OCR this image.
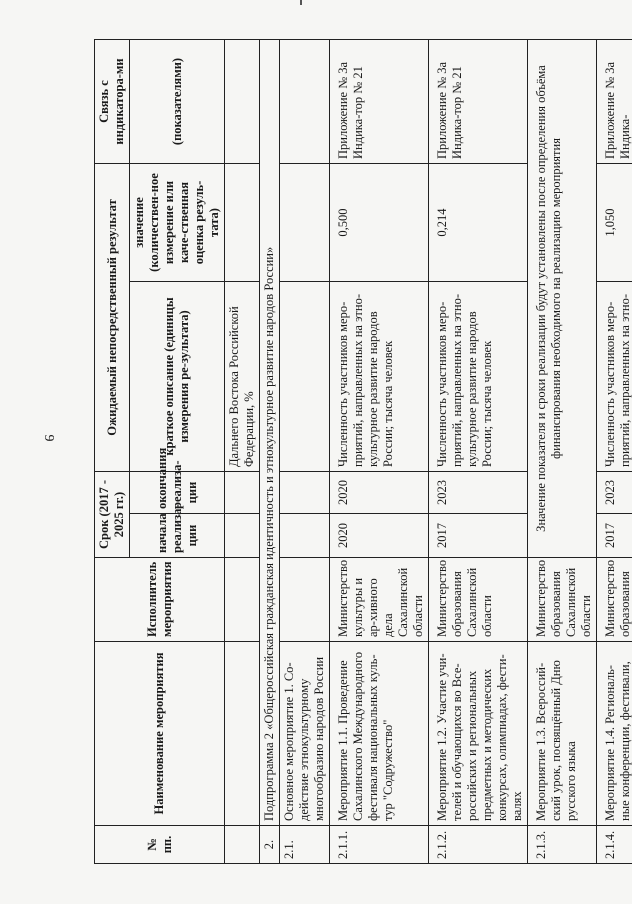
9
№
пп.	Наименование мероприятия	Исполнитель мероприятия	Срок (2017 - 2025 гг.)		Ожидаемый непосредственный результат		Связь с индикатора-ми
			начала реализа-ции	окончания реализа-ции	краткое описание (единицы измерения ре-зультата)	значение (количествен-ное измерение или каче-ственная оценка резуль-тата)	(показателями)
					Дальнего Востока Российской Федерации, %		
2.	Подпрограмма 2 «Общероссийская гражданская идентичность и этнокультурное развитие народов России»						
2.1.	Основное мероприятие 1. Со-действие этнокультурному многообразию народов России						
2.1.1.	Мероприятие 1.1. Проведение Сахалинского Международного фестиваля национальных куль-тур "Содружество"	Министерство культуры и ар-хивного дела Сахалинской области	2020	2020	Численность участников меро-приятий, направленных на этно-культурное развитие народов России; тысяча человек	0,500	Приложение № 3а Индика-тор № 21
2.1.2.	Мероприятие 1.2. Участие учи-телей и обучающихся во Все-российских и региональных предметных и методических конкурсах, олимпиадах, фести-валях	Министерство образования Сахалинской области	2017	2023	Численность участников меро-приятий, направленных на этно-культурное развитие народов России; тысяча человек	0,214	Приложение № 3а Индика-тор № 21
2.1.3.	Мероприятие 1.3. Всероссий-ский урок, посвящённый Дню русского языка	Министерство образования Сахалинской области	Значение показателя и сроки реализации будут установлены после определения объёма финансирования необходимого на реализацию мероприятия				
2.1.4.	Мероприятие 1.4. Региональ-ные конференции, фестивали,	Министерство образования	2017	2023	Численность участников меро-приятий, направленных на этно-	1,050	Приложение № 3а Индика-
